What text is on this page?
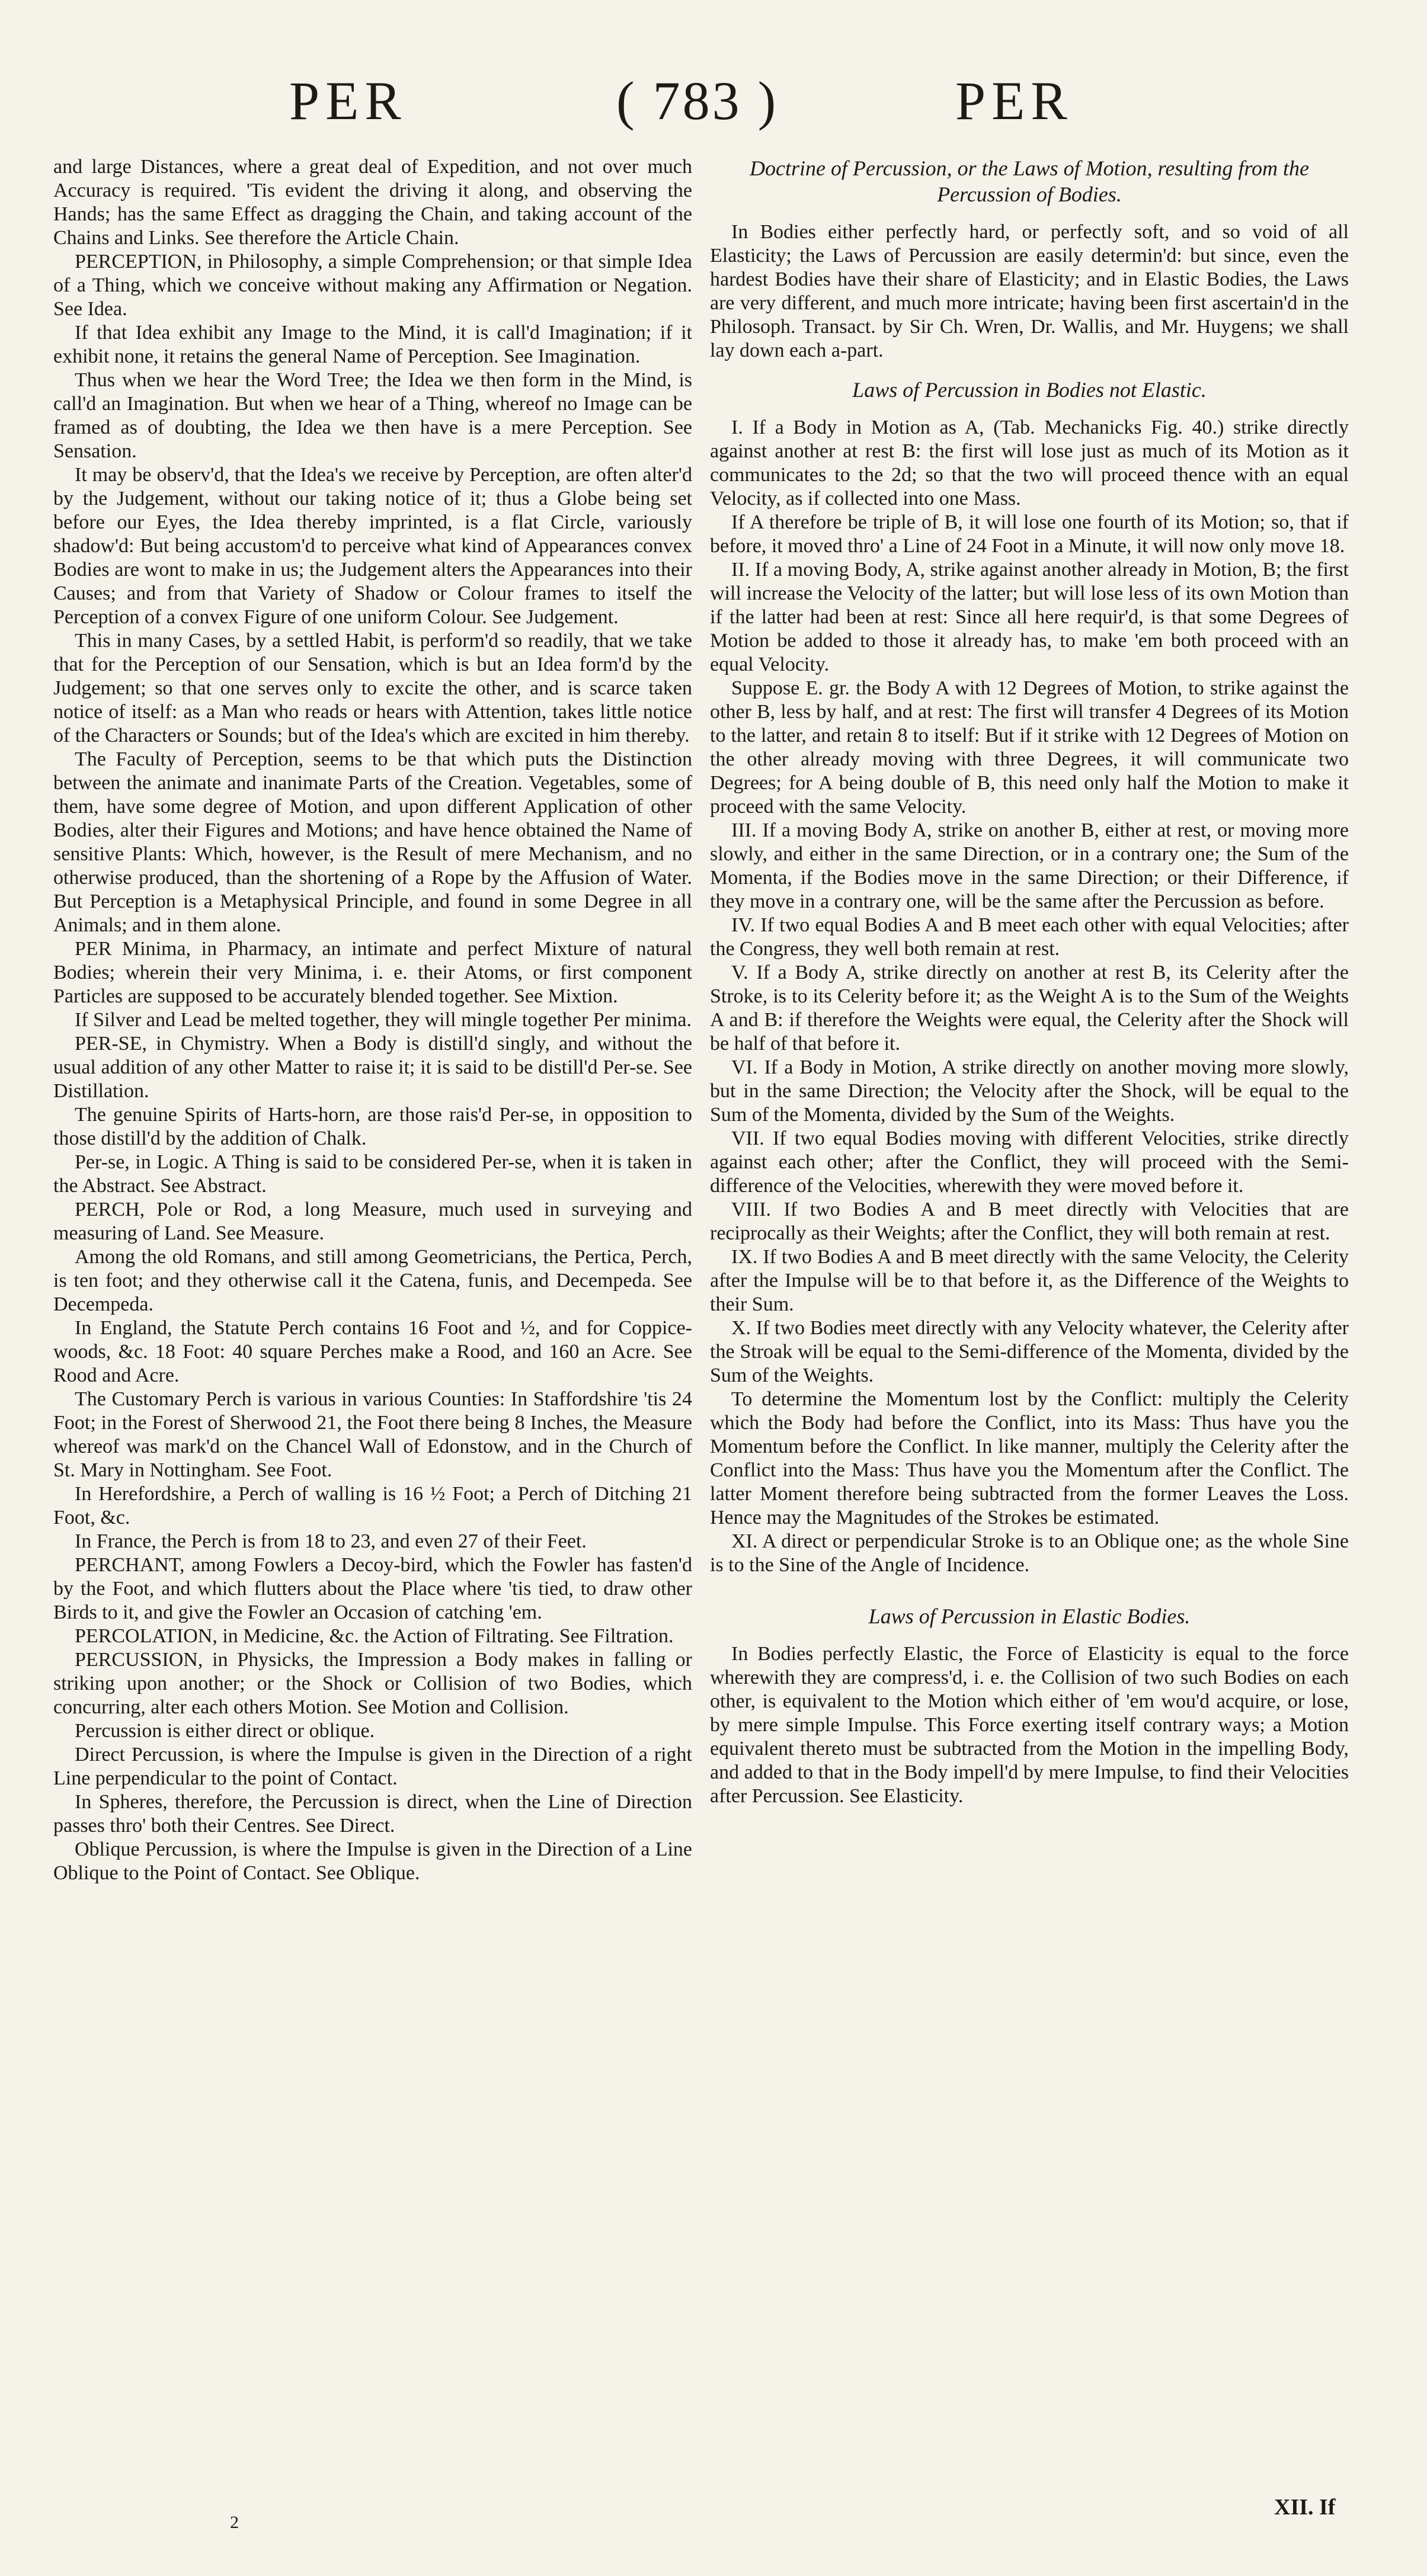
PER	( 783 )	PER

and large Distances, where a great deal of Expedition, and not over much Accuracy is required. 'Tis evident the driving it along, and observing the Hands; has the same Effect as dragging the Chain, and taking account of the Chains and Links. See therefore the Article Chain.

PERCEPTION, in Philosophy, a simple Comprehension; or that simple Idea of a Thing, which we conceive without making any Affirmation or Negation. See Idea.

If that Idea exhibit any Image to the Mind, it is call'd Imagination; if it exhibit none, it retains the general Name of Perception. See Imagination.

Thus when we hear the Word Tree; the Idea we then form in the Mind, is call'd an Imagination. But when we hear of a Thing, whereof no Image can be framed as of doubting, the Idea we then have is a mere Perception. See Sensation.

It may be observ'd, that the Idea's we receive by Perception, are often alter'd by the Judgement, without our taking notice of it; thus a Globe being set before our Eyes, the Idea thereby imprinted, is a flat Circle, variously shadow'd: But being accustom'd to perceive what kind of Appearances convex Bodies are wont to make in us; the Judgement alters the Appearances into their Causes; and from that Variety of Shadow or Colour frames to itself the Perception of a convex Figure of one uniform Colour. See Judgement.

This in many Cases, by a settled Habit, is perform'd so readily, that we take that for the Perception of our Sensation, which is but an Idea form'd by the Judgement; so that one serves only to excite the other, and is scarce taken notice of itself: as a Man who reads or hears with Attention, takes little notice of the Characters or Sounds; but of the Idea's which are excited in him thereby.

The Faculty of Perception, seems to be that which puts the Distinction between the animate and inanimate Parts of the Creation. Vegetables, some of them, have some degree of Motion, and upon different Application of other Bodies, alter their Figures and Motions; and have hence obtained the Name of sensitive Plants: Which, however, is the Result of mere Mechanism, and no otherwise produced, than the shortening of a Rope by the Affusion of Water. But Perception is a Metaphysical Principle, and found in some Degree in all Animals; and in them alone.

PER Minima, in Pharmacy, an intimate and perfect Mixture of natural Bodies; wherein their very Minima, i. e. their Atoms, or first component Particles are supposed to be accurately blended together. See Mixtion.

If Silver and Lead be melted together, they will mingle together Per minima.

PER-SE, in Chymistry. When a Body is distill'd singly, and without the usual addition of any other Matter to raise it; it is said to be distill'd Per-se. See Distillation.

The genuine Spirits of Harts-horn, are those rais'd Per-se, in opposition to those distill'd by the addition of Chalk.

Per-se, in Logic. A Thing is said to be considered Per-se, when it is taken in the Abstract. See Abstract.

PERCH, Pole or Rod, a long Measure, much used in surveying and measuring of Land. See Measure.

Among the old Romans, and still among Geometricians, the Pertica, Perch, is ten foot; and they otherwise call it the Catena, funis, and Decempeda. See Decempeda.

In England, the Statute Perch contains 16 Foot and ½, and for Coppice-woods, &c. 18 Foot: 40 square Perches make a Rood, and 160 an Acre. See Rood and Acre.

The Customary Perch is various in various Counties: In Staffordshire 'tis 24 Foot; in the Forest of Sherwood 21, the Foot there being 8 Inches, the Measure whereof was mark'd on the Chancel Wall of Edonstow, and in the Church of St. Mary in Nottingham. See Foot.

In Herefordshire, a Perch of walling is 16 ½ Foot; a Perch of Ditching 21 Foot, &c.

In France, the Perch is from 18 to 23, and even 27 of their Feet.

PERCHANT, among Fowlers a Decoy-bird, which the Fowler has fasten'd by the Foot, and which flutters about the Place where 'tis tied, to draw other Birds to it, and give the Fowler an Occasion of catching 'em.

PERCOLATION, in Medicine, &c. the Action of Filtrating. See Filtration.

PERCUSSION, in Physicks, the Impression a Body makes in falling or striking upon another; or the Shock or Collision of two Bodies, which concurring, alter each others Motion. See Motion and Collision.

Percussion is either direct or oblique.

Direct Percussion, is where the Impulse is given in the Direction of a right Line perpendicular to the point of Contact.

In Spheres, therefore, the Percussion is direct, when the Line of Direction passes thro' both their Centres. See Direct.

Oblique Percussion, is where the Impulse is given in the Direction of a Line Oblique to the Point of Contact. See Oblique.

Doctrine of Percussion, or the Laws of Motion, resulting from the Percussion of Bodies.

In Bodies either perfectly hard, or perfectly soft, and so void of all Elasticity; the Laws of Percussion are easily determin'd: but since, even the hardest Bodies have their share of Elasticity; and in Elastic Bodies, the Laws are very different, and much more intricate; having been first ascertain'd in the Philosoph. Transact. by Sir Ch. Wren, Dr. Wallis, and Mr. Huygens; we shall lay down each a-part.

Laws of Percussion in Bodies not Elastic.

I. If a Body in Motion as A, (Tab. Mechanicks Fig. 40.) strike directly against another at rest B: the first will lose just as much of its Motion as it communicates to the 2d; so that the two will proceed thence with an equal Velocity, as if collected into one Mass.

If A therefore be triple of B, it will lose one fourth of its Motion; so, that if before, it moved thro' a Line of 24 Foot in a Minute, it will now only move 18.

II. If a moving Body, A, strike against another already in Motion, B; the first will increase the Velocity of the latter; but will lose less of its own Motion than if the latter had been at rest: Since all here requir'd, is that some Degrees of Motion be added to those it already has, to make 'em both proceed with an equal Velocity.

Suppose E. gr. the Body A with 12 Degrees of Motion, to strike against the other B, less by half, and at rest: The first will transfer 4 Degrees of its Motion to the latter, and retain 8 to itself: But if it strike with 12 Degrees of Motion on the other already moving with three Degrees, it will communicate two Degrees; for A being double of B, this need only half the Motion to make it proceed with the same Velocity.

III. If a moving Body A, strike on another B, either at rest, or moving more slowly, and either in the same Direction, or in a contrary one; the Sum of the Momenta, if the Bodies move in the same Direction; or their Difference, if they move in a contrary one, will be the same after the Percussion as before.

IV. If two equal Bodies A and B meet each other with equal Velocities; after the Congress, they well both remain at rest.

V. If a Body A, strike directly on another at rest B, its Celerity after the Stroke, is to its Celerity before it; as the Weight A is to the Sum of the Weights A and B: if therefore the Weights were equal, the Celerity after the Shock will be half of that before it.

VI. If a Body in Motion, A strike directly on another moving more slowly, but in the same Direction; the Velocity after the Shock, will be equal to the Sum of the Momenta, divided by the Sum of the Weights.

VII. If two equal Bodies moving with different Velocities, strike directly against each other; after the Conflict, they will proceed with the Semi-difference of the Velocities, wherewith they were moved before it.

VIII. If two Bodies A and B meet directly with Velocities that are reciprocally as their Weights; after the Conflict, they will both remain at rest.

IX. If two Bodies A and B meet directly with the same Velocity, the Celerity after the Impulse will be to that before it, as the Difference of the Weights to their Sum.

X. If two Bodies meet directly with any Velocity whatever, the Celerity after the Stroak will be equal to the Semi-difference of the Momenta, divided by the Sum of the Weights.

To determine the Momentum lost by the Conflict: multiply the Celerity which the Body had before the Conflict, into its Mass: Thus have you the Momentum before the Conflict. In like manner, multiply the Celerity after the Conflict into the Mass: Thus have you the Momentum after the Conflict. The latter Moment therefore being subtracted from the former Leaves the Loss. Hence may the Magnitudes of the Strokes be estimated.

XI. A direct or perpendicular Stroke is to an Oblique one; as the whole Sine is to the Sine of the Angle of Incidence.

Laws of Percussion in Elastic Bodies.

In Bodies perfectly Elastic, the Force of Elasticity is equal to the force wherewith they are compress'd, i. e. the Collision of two such Bodies on each other, is equivalent to the Motion which either of 'em wou'd acquire, or lose, by mere simple Impulse. This Force exerting itself contrary ways; a Motion equivalent thereto must be subtracted from the Motion in the impelling Body, and added to that in the Body impell'd by mere Impulse, to find their Velocities after Percussion. See Elasticity.

2
XII. If
